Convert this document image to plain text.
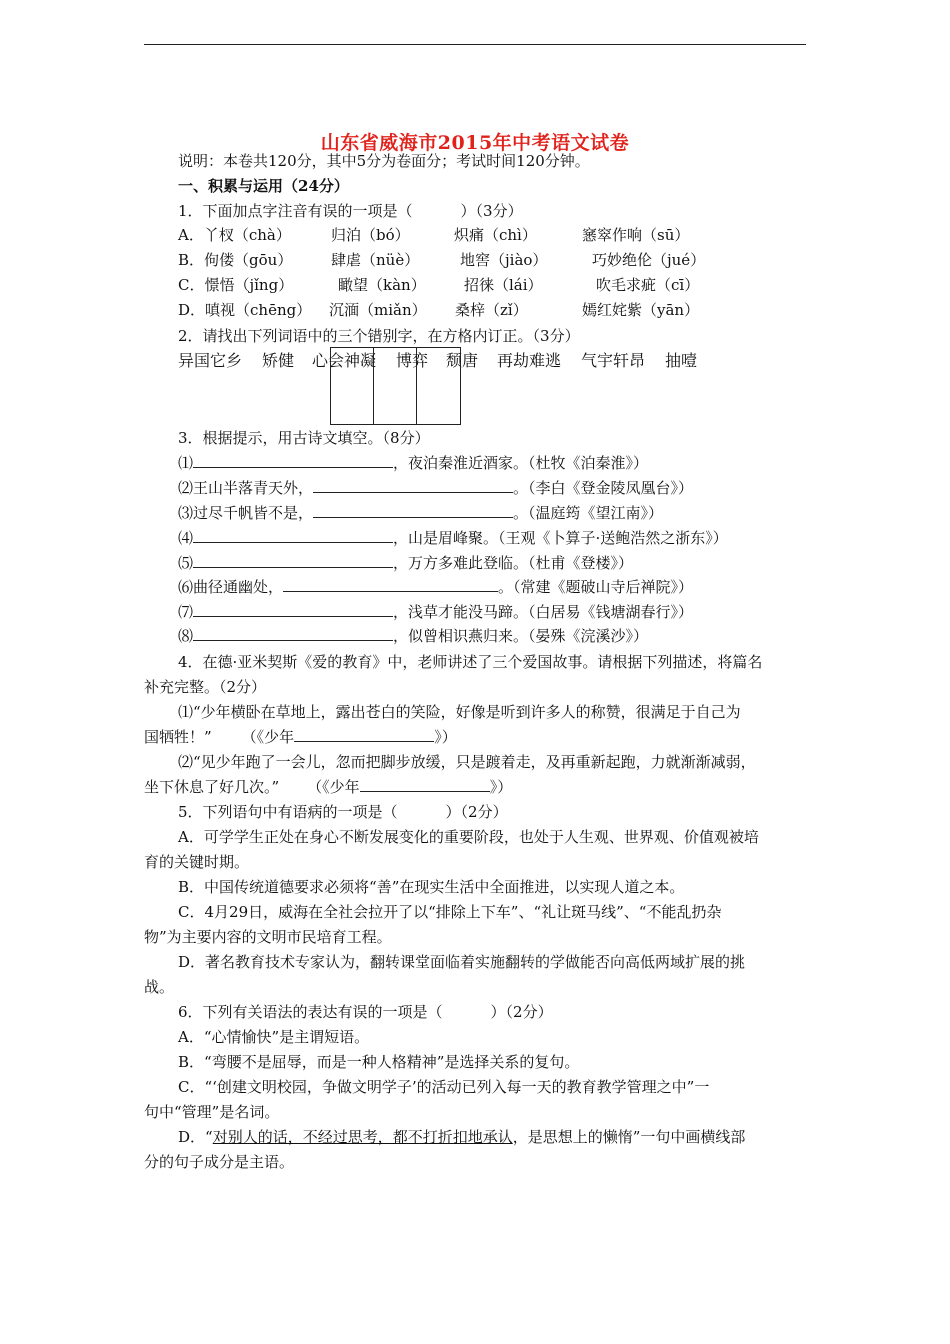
山东省威海市2015年中考语文试卷
说明：本卷共120分，其中5分为卷面分；考试时间120分钟。
一、积累与运用（24分）
1．下面加点字注音有误的一项是（	）（3分）
A．丫杈（chà）	归泊（bó）	炽痛（chì）	窸窣作响（sū）
B．佝偻（gōu）	肆虐（nüè）	地窖（jiào）	巧妙绝伦（jué）
C．憬悟（jǐng）	瞰望（kàn）	招徕（lái）	吹毛求疵（cī）
D．嗔视（chēng） 沉湎（miǎn） 桑梓（zǐ）	嫣红姹紫（yān）
2．请找出下列词语中的三个错别字，在方格内订正。（3分）
异国它乡 矫健 心会神凝 博弈 颓唐 再劫难逃 气宇轩昂 抽噎
3．根据提示，用古诗文填空。（8分）
⑴	，夜泊秦淮近酒家。（杜牧《泊秦淮》）
⑵王山半落青天外，	。（李白《登金陵凤凰台》）
⑶过尽千帆皆不是，	。（温庭筠《望江南》）
⑷	，山是眉峰聚。（王观《卜算子·送鲍浩然之浙东》）
⑸	，万方多难此登临。（杜甫《登楼》）
⑹曲径通幽处，	。（常建《题破山寺后禅院》）
⑺	，浅草才能没马蹄。（白居易《钱塘湖春行》）
⑻	，似曾相识燕归来。（晏殊《浣溪沙》）
4．在德·亚米契斯《爱的教育》中，老师讲述了三个爱国故事。请根据下列描述，将篇名
补充完整。（2分）
⑴“少年横卧在草地上，露出苍白的笑险，好像是听到许多人的称赞，很满足于自己为
国牺牲！” （《少年	》）
⑵“见少年跑了一会儿，忽而把脚步放缓，只是踱着走，及再重新起跑，力就渐渐减弱，
坐下休息了好几次。” （《少年	》）
5．下列语句中有语病的一项是（	）（2分）
A．可学学生正处在身心不断发展变化的重要阶段，也处于人生观、世界观、价值观被培
育的关键时期。
B．中国传统道德要求必须将“善”在现实生活中全面推进，以实现人道之本。
C．4月29日，威海在全社会拉开了以“排除上下车”、“礼让斑马线”、“不能乱扔杂
物”为主要内容的文明市民培育工程。
D．著名教育技术专家认为，翻转课堂面临着实施翻转的学做能否向高低两域扩展的挑
战。
6．下列有关语法的表达有误的一项是（	）（2分）
A．“心情愉快”是主谓短语。
B．“弯腰不是屈辱，而是一种人格精神”是选择关系的复句。
C．“‘创建文明校园，争做文明学子’的活动已列入每一天的教育教学管理之中”一
句中“管理”是名词。
D．“对别人的话，不经过思考，都不打折扣地承认，是思想上的懒惰”一句中画横线部
分的句子成分是主语。
